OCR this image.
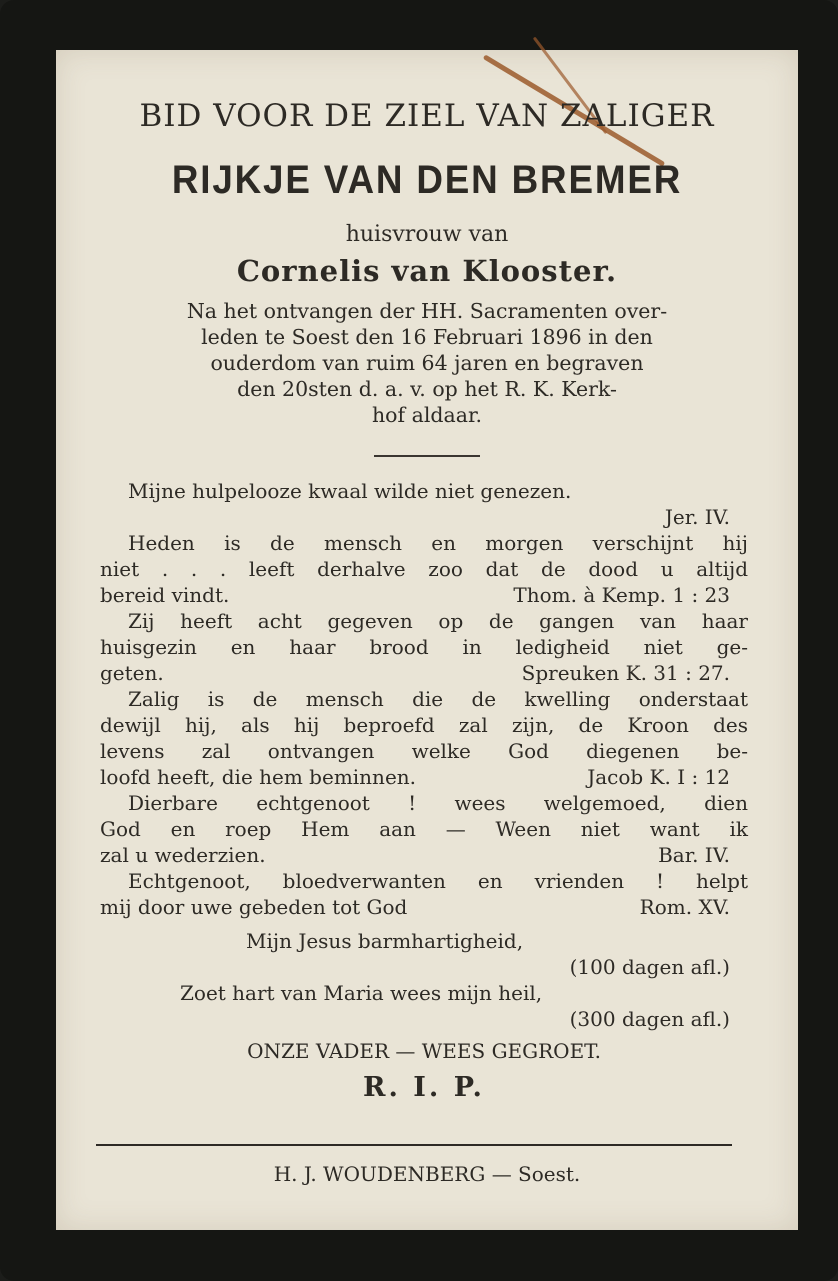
BID VOOR DE ZIEL VAN ZALIGER
RIJKJE VAN DEN BREMER
huisvrouw van
Cornelis van Klooster.
Na het ontvangen der HH. Sacramenten over-
leden te Soest den 16 Februari 1896 in den
ouderdom van ruim 64 jaren en begraven
den 20sten d. a. v. op het R. K. Kerk-
hof aldaar.
Mijne hulpelooze kwaal wilde niet genezen.
Jer. IV.
Heden is de mensch en morgen verschijnt hij
niet . . . leeft derhalve zoo dat de dood u altijd
bereid vindt.	Thom. à Kemp. 1 : 23
Zij heeft acht gegeven op de gangen van haar
huisgezin en haar brood in ledigheid niet ge-
geten.	Spreuken K. 31 : 27.
Zalig is de mensch die de kwelling onderstaat
dewijl hij, als hij beproefd zal zijn, de Kroon des
levens zal ontvangen welke God diegenen be-
loofd heeft, die hem beminnen.	Jacob K. I : 12
Dierbare echtgenoot ! wees welgemoed, dien
God en roep Hem aan — Ween niet want ik
zal u wederzien.	Bar. IV.
Echtgenoot, bloedverwanten en vrienden ! helpt
mij door uwe gebeden tot God	Rom. XV.
Mijn Jesus barmhartigheid,
(100 dagen afl.)
Zoet hart van Maria wees mijn heil,
(300 dagen afl.)
ONZE VADER — WEES GEGROET.
R. I. P.
H. J. WOUDENBERG — Soest.
